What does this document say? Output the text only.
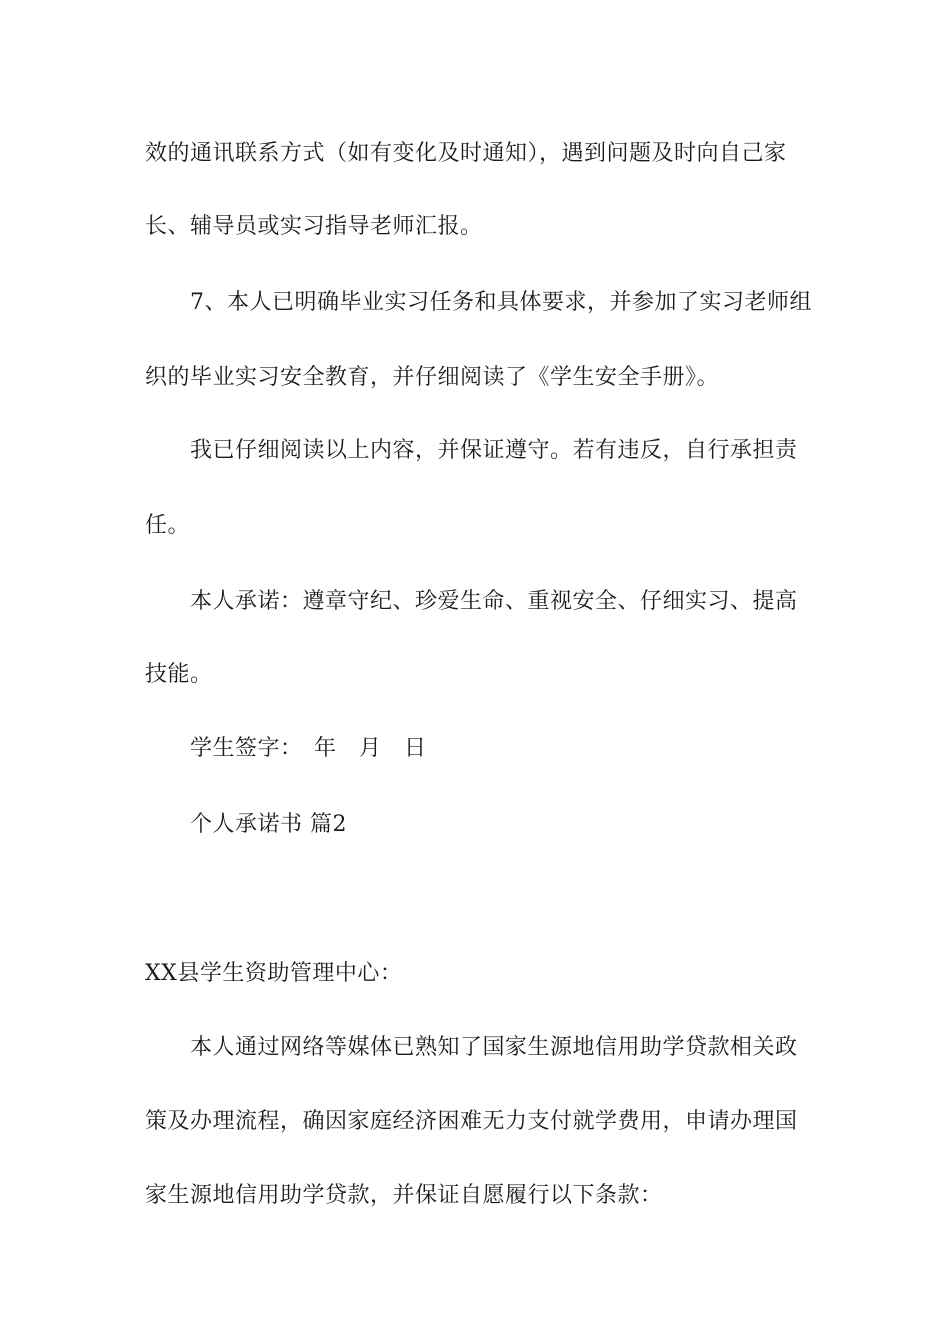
效的通讯联系方式（如有变化及时通知），遇到问题及时向自己家
长、辅导员或实习指导老师汇报。
7、本人已明确毕业实习任务和具体要求，并参加了实习老师组
织的毕业实习安全教育，并仔细阅读了《学生安全手册》。
我已仔细阅读以上内容，并保证遵守。若有违反，自行承担责
任。
本人承诺：遵章守纪、珍爱生命、重视安全、仔细实习、提高
技能。
学生签字：　年　月　日
个人承诺书 篇2
XX县学生资助管理中心：
本人通过网络等媒体已熟知了国家生源地信用助学贷款相关政
策及办理流程，确因家庭经济困难无力支付就学费用，申请办理国
家生源地信用助学贷款，并保证自愿履行以下条款：
